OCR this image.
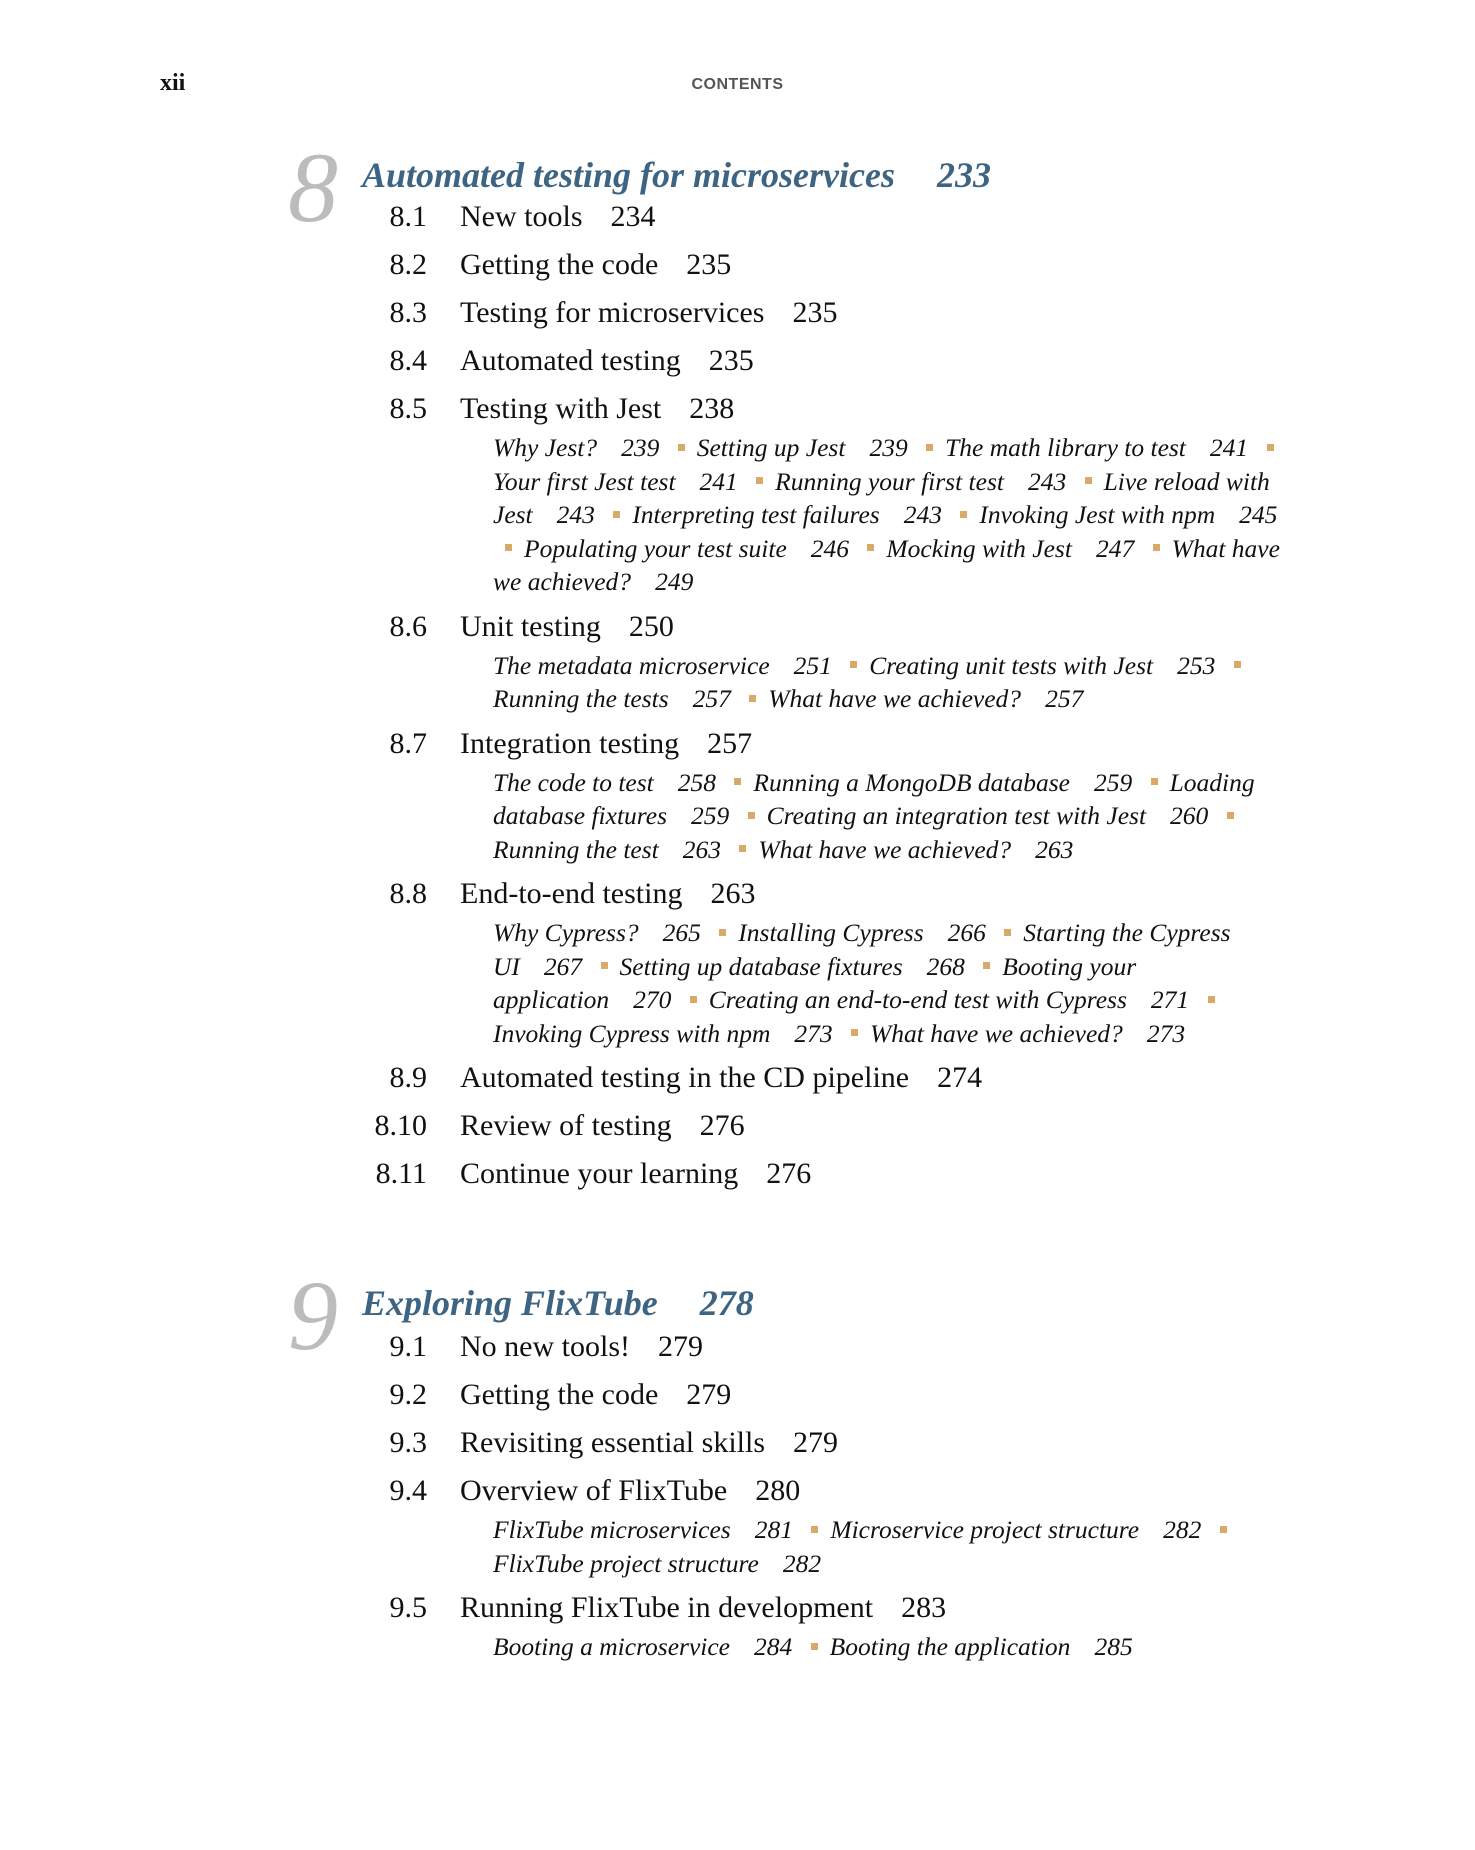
xii	CONTENTS
8 Automated testing for microservices 233
8.1 New tools 234
8.2 Getting the code 235
8.3 Testing for microservices 235
8.4 Automated testing 235
8.5 Testing with Jest 238
Why Jest? 239 Setting up Jest 239 The math library to test 241 Your first Jest test 241 Running your first test 243 Live reload with Jest 243 Interpreting test failures 243 Invoking Jest with npm 245 Populating your test suite 246 Mocking with Jest 247 What have we achieved? 249
8.6 Unit testing 250
The metadata microservice 251 Creating unit tests with Jest 253 Running the tests 257 What have we achieved? 257
8.7 Integration testing 257
The code to test 258 Running a MongoDB database 259 Loading database fixtures 259 Creating an integration test with Jest 260 Running the test 263 What have we achieved? 263
8.8 End-to-end testing 263
Why Cypress? 265 Installing Cypress 266 Starting the Cypress UI 267 Setting up database fixtures 268 Booting your application 270 Creating an end-to-end test with Cypress 271 Invoking Cypress with npm 273 What have we achieved? 273
8.9 Automated testing in the CD pipeline 274
8.10 Review of testing 276
8.11 Continue your learning 276
9 Exploring FlixTube 278
9.1 No new tools! 279
9.2 Getting the code 279
9.3 Revisiting essential skills 279
9.4 Overview of FlixTube 280
FlixTube microservices 281 Microservice project structure 282 FlixTube project structure 282
9.5 Running FlixTube in development 283
Booting a microservice 284 Booting the application 285
